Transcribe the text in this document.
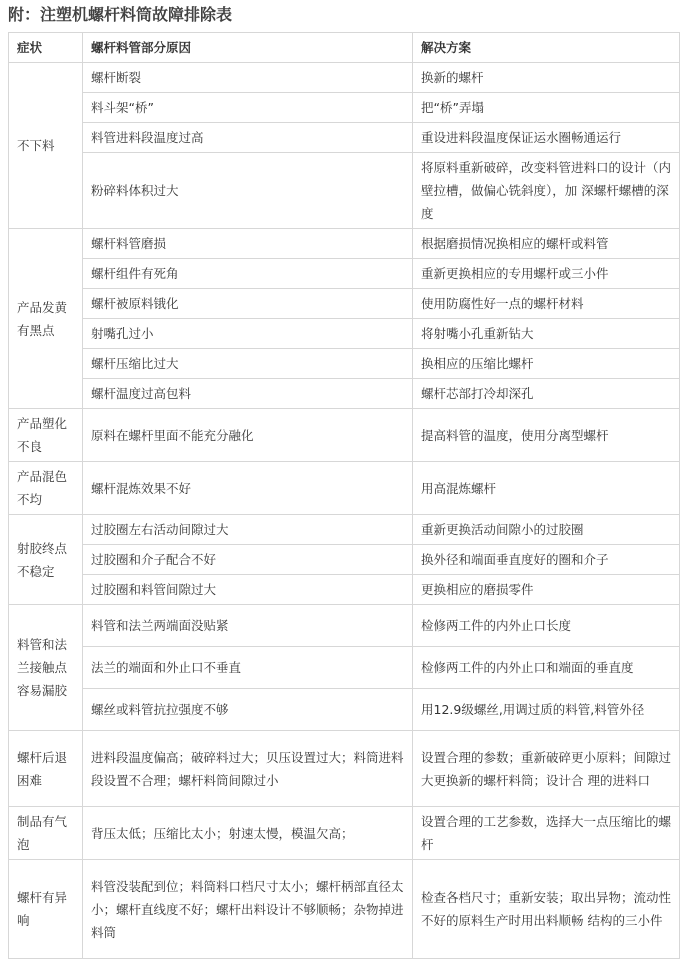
附：注塑机螺杆料筒故障排除表
症状	螺杆料管部分原因	解决方案
不下料	螺杆断裂	换新的螺杆
	料斗架“桥”	把“桥”弄塌
	料管进料段温度过高	重设进料段温度保证运水圈畅通运行
	粉碎料体积过大	将原料重新破碎，改变料管进料口的设计（内壁拉槽，做偏心铣斜度），加 深螺杆螺槽的深度
产品发黄有黑点	螺杆料管磨损	根据磨损情况换相应的螺杆或料管
	螺杆组件有死角	重新更换相应的专用螺杆或三小件
	螺杆被原料锇化	使用防腐性好一点的螺杆材料
	射嘴孔过小	将射嘴小孔重新钻大
	螺杆压缩比过大	换相应的压缩比螺杆
	螺杆温度过高包料	螺杆芯部打冷却深孔
产品塑化不良	原料在螺杆里面不能充分融化	提高料管的温度，使用分离型螺杆
产品混色不均	螺杆混炼效果不好	用高混炼螺杆
射胶终点不稳定	过胶圈左右活动间隙过大	重新更换活动间隙小的过胶圈
	过胶圈和介子配合不好	换外径和端面垂直度好的圈和介子
	过胶圈和料管间隙过大	更换相应的磨损零件
料管和法兰接触点容易漏胶	料管和法兰两端面没贴紧	检修两工件的内外止口长度
	法兰的端面和外止口不垂直	检修两工件的内外止口和端面的垂直度
	螺丝或料管抗拉强度不够	用12.9级螺丝,用调过质的料管,料管外径
螺杆后退困难	进料段温度偏高；破碎料过大；贝压设置过大；料筒进料段设置不合理；螺杆料筒间隙过小	设置合理的参数；重新破碎更小原料；间隙过大更换新的螺杆料筒；设计合 理的进料口
制品有气泡	背压太低；压缩比太小；射速太慢，模温欠高；	设置合理的工艺参数，选择大一点压缩比的螺杆
螺杆有异响	料管没装配到位；料筒料口档尺寸太小；螺杆柄部直径太小；螺杆直线度不好；螺杆出料设计不够顺畅；杂物掉进料筒	检查各档尺寸；重新安装；取出异物；流动性不好的原料生产时用出料顺畅 结构的三小件
